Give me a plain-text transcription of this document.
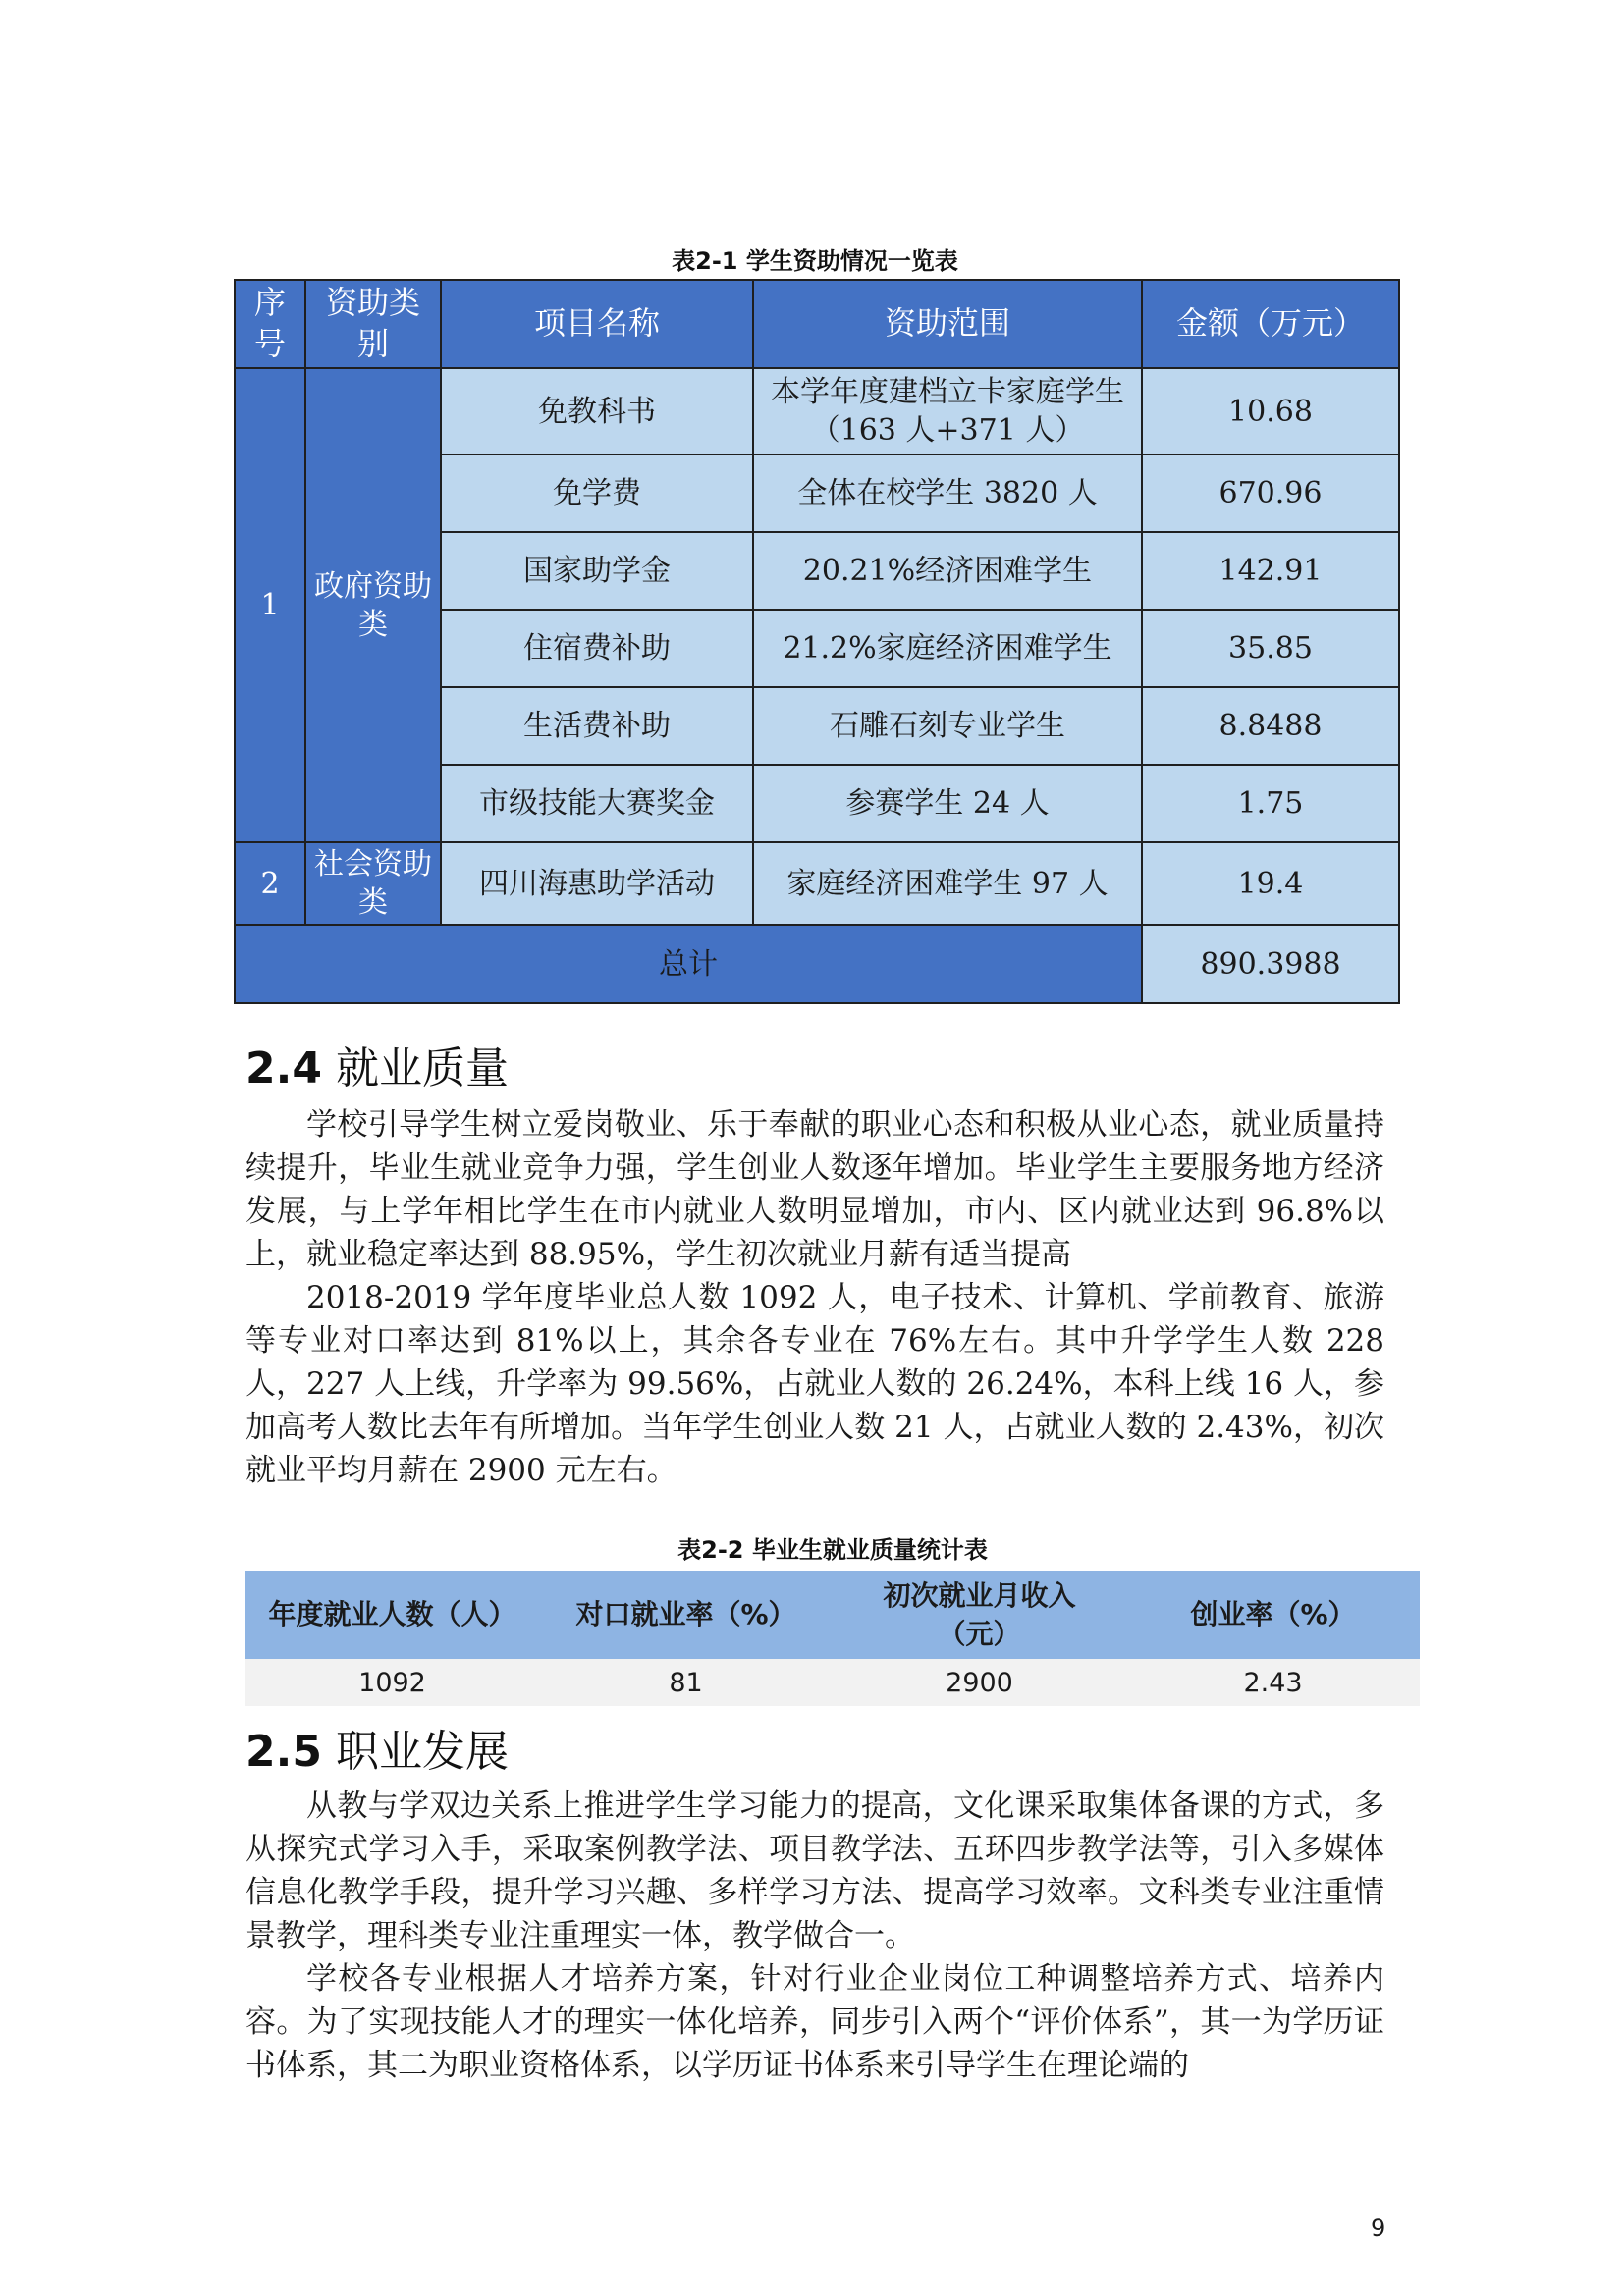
表2-1 学生资助情况一览表
序号	资助类别	项目名称	资助范围	金额（万元）
1	政府资助类	免教科书	本学年度建档立卡家庭学生（163 人+371 人）	10.68
		免学费	全体在校学生 3820 人	670.96
		国家助学金	20.21%经济困难学生	142.91
		住宿费补助	21.2%家庭经济困难学生	35.85
		生活费补助	石雕石刻专业学生	8.8488
		市级技能大赛奖金	参赛学生 24 人	1.75
2	社会资助类	四川海惠助学活动	家庭经济困难学生 97 人	19.4
总计				890.3988
2.4 就业质量

学校引导学生树立爱岗敬业、乐于奉献的职业心态和积极从业心态，就业质量持续提升，毕业生就业竞争力强，学生创业人数逐年增加。毕业学生主要服务地方经济发展，与上学年相比学生在市内就业人数明显增加，市内、区内就业达到 96.8%以上，就业稳定率达到 88.95%，学生初次就业月薪有适当提高

2018-2019 学年度毕业总人数 1092 人，电子技术、计算机、学前教育、旅游等专业对口率达到 81%以上，其余各专业在 76%左右。其中升学学生人数 228 人，227 人上线，升学率为 99.56%，占就业人数的 26.24%，本科上线 16 人，参加高考人数比去年有所增加。当年学生创业人数 21 人，占就业人数的 2.43%，初次就业平均月薪在 2900 元左右。

表2-2 毕业生就业质量统计表
年度就业人数（人）	对口就业率（%）	初次就业月收入（元）	创业率（%）
1092	81	2900	2.43
2.5 职业发展

从教与学双边关系上推进学生学习能力的提高，文化课采取集体备课的方式，多从探究式学习入手，采取案例教学法、项目教学法、五环四步教学法等，引入多媒体信息化教学手段，提升学习兴趣、多样学习方法、提高学习效率。文科类专业注重情景教学，理科类专业注重理实一体，教学做合一。

学校各专业根据人才培养方案，针对行业企业岗位工种调整培养方式、培养内容。为了实现技能人才的理实一体化培养，同步引入两个“评价体系”，其一为学历证书体系，其二为职业资格体系，以学历证书体系来引导学生在理论端的

9
